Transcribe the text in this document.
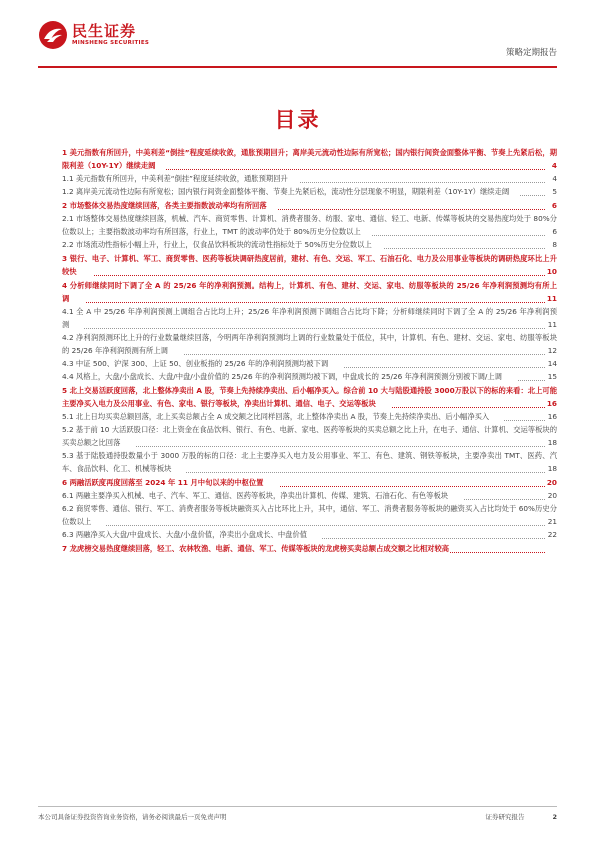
民生证券
MINSHENG SECURITIES
策略定期报告
目录
1 美元指数有所回升，中美利差“倒挂”程度延续收敛，通胀预期回升；离岸美元流动性边际有所宽松；国内银行间资金面整体平衡、节奏上先紧后松，期限利差（10Y-1Y）继续走阔	4
1.1 美元指数有所回升，中美利差“倒挂”程度延续收敛，通胀预期回升	4
1.2 离岸美元流动性边际有所宽松；国内银行间资金面整体平衡、节奏上先紧后松，流动性分层现象不明显，期限利差（10Y-1Y）继续走阔	5
2 市场整体交易热度继续回落，各类主要指数波动率均有所回落	6
2.1 市场整体交易热度继续回落，机械、汽车、商贸零售、计算机、消费者服务、纺服、家电、通信、轻工、电新、传媒等板块的交易热度均处于 80%分位数以上；主要指数波动率均有所回落，行业上，TMT 的波动率仍处于 80%历史分位数以上	6
2.2 市场流动性指标小幅上升，行业上，仅食品饮料板块的流动性指标处于 50%历史分位数以上	8
3 银行、电子、计算机、军工、商贸零售、医药等板块调研热度居前，建材、有色、交运、军工、石油石化、电力及公用事业等板块的调研热度环比上升较快	10
4 分析师继续同时下调了全 A 的 25/26 年的净利润预测。结构上，计算机、有色、建材、交运、家电、纺服等板块的 25/26 年净利润预测均有所上调	11
4.1 全 A 中 25/26 年净利润预测上调组合占比均上升；25/26 年净利润预测下调组合占比均下降；分析师继续同时下调了全 A 的 25/26 年净利润预测	11
4.2 净利润预测环比上升的行业数量继续回落，今明两年净利润预测均上调的行业数量处于低位，其中，计算机、有色、建材、交运、家电、纺服等板块的 25/26 年净利润预测有所上调	12
4.3 中证 500、沪深 300、上证 50、创业板指的 25/26 年的净利润预测均被下调	14
4.4 风格上，大盘/小盘成长、大盘/中盘/小盘价值的 25/26 年的净利润预测均被下调，中盘成长的 25/26 年净利润预测分别被下调/上调	15
5 北上交易活跃度回落，北上整体净卖出 A 股，节奏上先持续净卖出、后小幅净买入。综合前 10 大与陆股通持股 3000万股以下的标的来看：北上可能主要净买入电力及公用事业、有色、家电、银行等板块，净卖出计算机、通信、电子、交运等板块	16
5.1 北上日均买卖总额回落，北上买卖总额占全 A 成交额之比同样回落，北上整体净卖出 A 股，节奏上先持续净卖出、后小幅净买入	16
5.2 基于前 10 大活跃股口径：北上资金在食品饮料、银行、有色、电新、家电、医药等板块的买卖总额之比上升，在电子、通信、计算机、交运等板块的买卖总额之比回落	18
5.3 基于陆股通持股数量小于 3000 万股的标的口径：北上主要净买入电力及公用事业、军工、有色、建筑、钢铁等板块，主要净卖出 TMT、医药、汽车、食品饮料、化工、机械等板块	18
6 两融活跃度再度回落至 2024 年 11 月中旬以来的中枢位置	20
6.1 两融主要净买入机械、电子、汽车、军工、通信、医药等板块，净卖出计算机、传媒、建筑、石油石化、有色等板块	20
6.2 商贸零售、通信、银行、军工、消费者服务等板块融资买入占比环比上升，其中，通信、军工、消费者服务等板块的融资买入占比均处于 60%历史分位数以上	21
6.3 两融净买入大盘/中盘成长、大盘/小盘价值，净卖出小盘成长、中盘价值	22
7 龙虎榜交易热度继续回落，轻工、农林牧渔、电新、通信、军工、传媒等板块的龙虎榜买卖总额占成交额之比相对较高
本公司具备证券投资咨询业务资格，请务必阅读最后一页免责声明	证券研究报告	2
